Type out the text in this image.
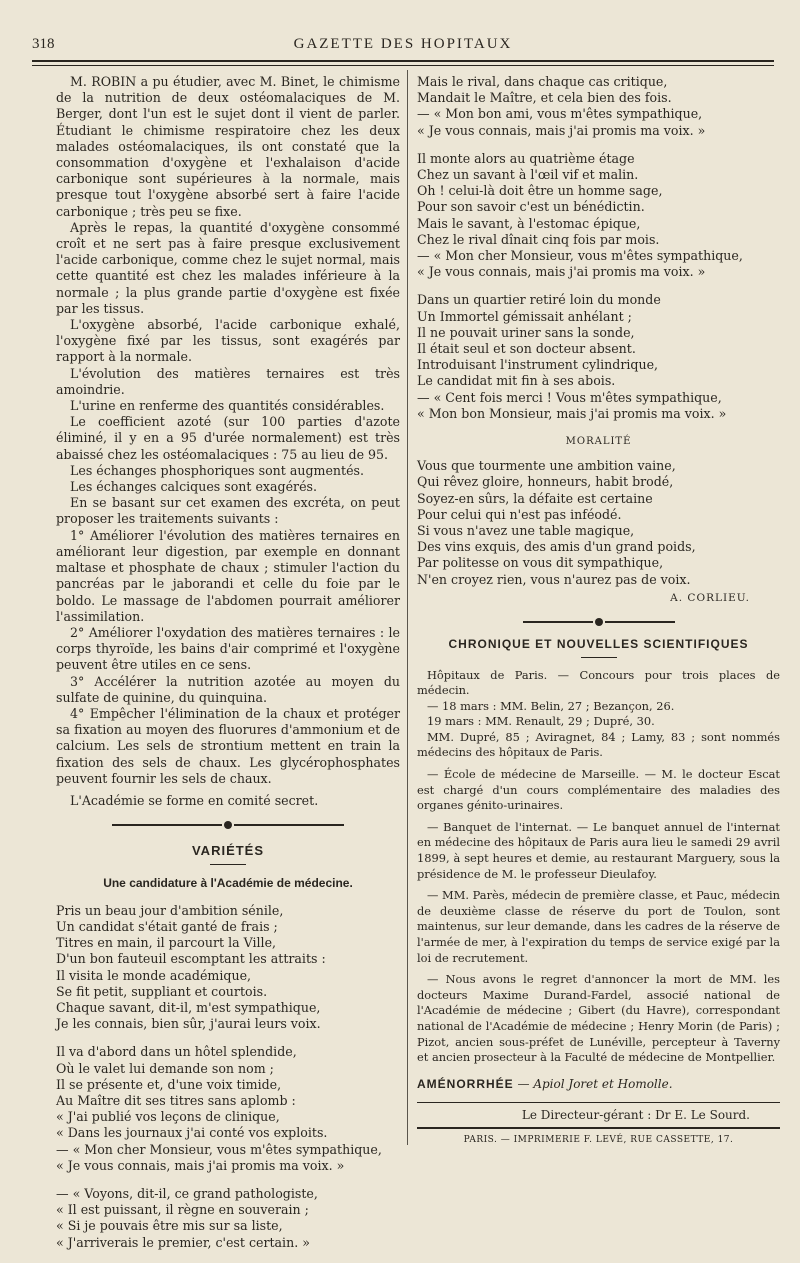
318	GAZETTE DES HOPITAUX

M. ROBIN a pu étudier, avec M. Binet, le chimisme de la nutrition de deux ostéomalaciques de M. Berger, dont l'un est le sujet dont il vient de parler. Étudiant le chimisme respiratoire chez les deux malades ostéomalaciques, ils ont constaté que la consommation d'oxygène et l'exhalaison d'acide carbonique sont supérieures à la normale, mais presque tout l'oxygène absorbé sert à faire l'acide carbonique ; très peu se fixe.

Après le repas, la quantité d'oxygène consommé croît et ne sert pas à faire presque exclusivement l'acide carbonique, comme chez le sujet normal, mais cette quantité est chez les malades inférieure à la normale ; la plus grande partie d'oxygène est fixée par les tissus.

L'oxygène absorbé, l'acide carbonique exhalé, l'oxygène fixé par les tissus, sont exagérés par rapport à la normale.

L'évolution des matières ternaires est très amoindrie.

L'urine en renferme des quantités considérables.

Le coefficient azoté (sur 100 parties d'azote éliminé, il y en a 95 d'urée normalement) est très abaissé chez les ostéomalaciques : 75 au lieu de 95.

Les échanges phosphoriques sont augmentés.

Les échanges calciques sont exagérés.

En se basant sur cet examen des excréta, on peut proposer les traitements suivants :

1° Améliorer l'évolution des matières ternaires en améliorant leur digestion, par exemple en donnant maltase et phosphate de chaux ; stimuler l'action du pancréas par le jaborandi et celle du foie par le boldo. Le massage de l'abdomen pourrait améliorer l'assimilation.

2° Améliorer l'oxydation des matières ternaires : le corps thyroïde, les bains d'air comprimé et l'oxygène peuvent être utiles en ce sens.

3° Accélérer la nutrition azotée au moyen du sulfate de quinine, du quinquina.

4° Empêcher l'élimination de la chaux et protéger sa fixation au moyen des fluorures d'ammonium et de calcium. Les sels de strontium mettent en train la fixation des sels de chaux. Les glycérophosphates peuvent fournir les sels de chaux.

L'Académie se forme en comité secret.

VARIÉTÉS
Une candidature à l'Académie de médecine.
Pris un beau jour d'ambition sénile,
Un candidat s'était ganté de frais ;
Titres en main, il parcourt la Ville,
D'un bon fauteuil escomptant les attraits :
Il visita le monde académique,
Se fit petit, suppliant et courtois.
Chaque savant, dit-il, m'est sympathique,
Je les connais, bien sûr, j'aurai leurs voix.
Il va d'abord dans un hôtel splendide,
Où le valet lui demande son nom ;
Il se présente et, d'une voix timide,
Au Maître dit ses titres sans aplomb :
« J'ai publié vos leçons de clinique,
« Dans les journaux j'ai conté vos exploits.
— « Mon cher Monsieur, vous m'êtes sympathique,
« Je vous connais, mais j'ai promis ma voix. »
— « Voyons, dit-il, ce grand pathologiste,
« Il est puissant, il règne en souverain ;
« Si je pouvais être mis sur sa liste,
« J'arriverais le premier, c'est certain. »
Mais le rival, dans chaque cas critique,
Mandait le Maître, et cela bien des fois.
— « Mon bon ami, vous m'êtes sympathique,
« Je vous connais, mais j'ai promis ma voix. »
Il monte alors au quatrième étage
Chez un savant à l'œil vif et malin.
Oh ! celui-là doit être un homme sage,
Pour son savoir c'est un bénédictin.
Mais le savant, à l'estomac épique,
Chez le rival dînait cinq fois par mois.
— « Mon cher Monsieur, vous m'êtes sympathique,
« Je vous connais, mais j'ai promis ma voix. »
Dans un quartier retiré loin du monde
Un Immortel gémissait anhélant ;
Il ne pouvait uriner sans la sonde,
Il était seul et son docteur absent.
Introduisant l'instrument cylindrique,
Le candidat mit fin à ses abois.
— « Cent fois merci ! Vous m'êtes sympathique,
« Mon bon Monsieur, mais j'ai promis ma voix. »
MORALITÉ
Vous que tourmente une ambition vaine,
Qui rêvez gloire, honneurs, habit brodé,
Soyez-en sûrs, la défaite est certaine
Pour celui qui n'est pas inféodé.
Si vous n'avez une table magique,
Des vins exquis, des amis d'un grand poids,
Par politesse on vous dit sympathique,
N'en croyez rien, vous n'aurez pas de voix.
A. CORLIEU.
CHRONIQUE ET NOUVELLES SCIENTIFIQUES

Hôpitaux de Paris. — Concours pour trois places de médecin.

— 18 mars : MM. Belin, 27 ; Bezançon, 26.

19 mars : MM. Renault, 29 ; Dupré, 30.

MM. Dupré, 85 ; Aviragnet, 84 ; Lamy, 83 ; sont nommés médecins des hôpitaux de Paris.

— École de médecine de Marseille. — M. le docteur Escat est chargé d'un cours complémentaire des maladies des organes génito-urinaires.

— Banquet de l'internat. — Le banquet annuel de l'internat en médecine des hôpitaux de Paris aura lieu le samedi 29 avril 1899, à sept heures et demie, au restaurant Marguery, sous la présidence de M. le professeur Dieulafoy.

— MM. Parès, médecin de première classe, et Pauc, médecin de deuxième classe de réserve du port de Toulon, sont maintenus, sur leur demande, dans les cadres de la réserve de l'armée de mer, à l'expiration du temps de service exigé par la loi de recrutement.

— Nous avons le regret d'annoncer la mort de MM. les docteurs Maxime Durand-Fardel, associé national de l'Académie de médecine ; Gibert (du Havre), correspondant national de l'Académie de médecine ; Henry Morin (de Paris) ; Pizot, ancien sous-préfet de Lunéville, percepteur à Taverny et ancien prosecteur à la Faculté de médecine de Montpellier.

AMÉNORRHÉE — Apiol Joret et Homolle.
Le Directeur-gérant : Dr E. Le Sourd.
PARIS. — IMPRIMERIE F. LEVÉ, RUE CASSETTE, 17.
